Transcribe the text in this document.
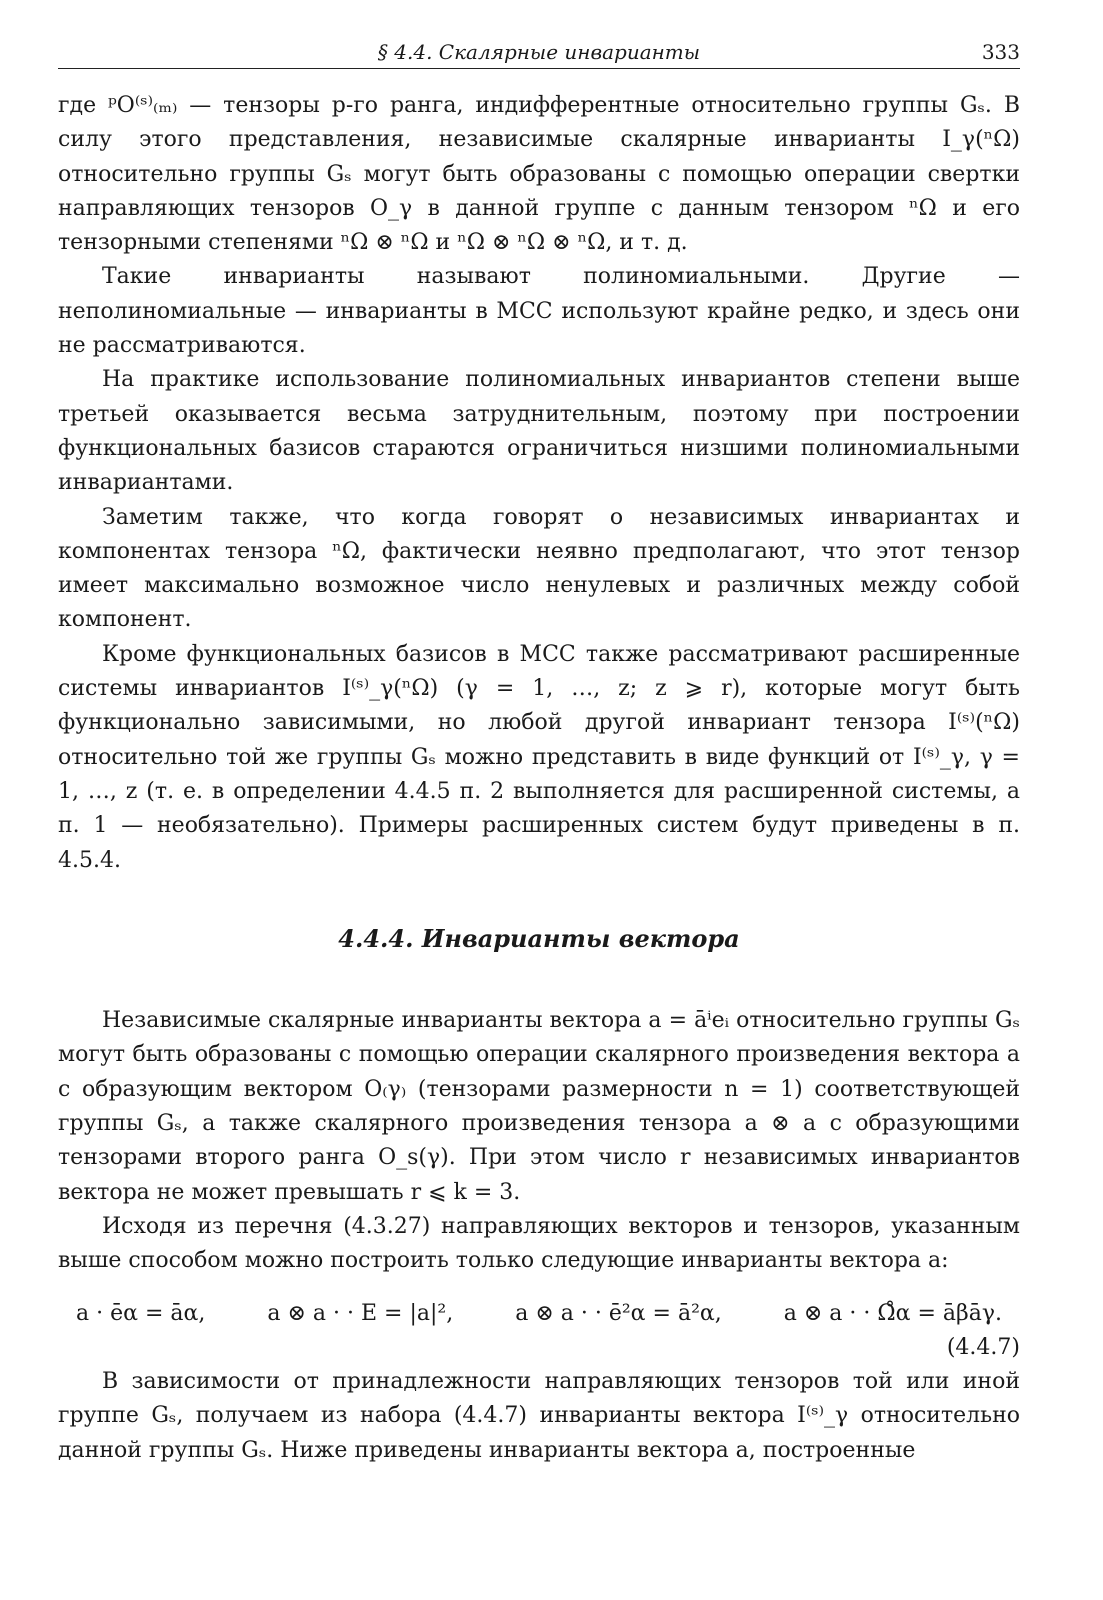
§ 4.4. Скалярные инварианты	333

где ᵖO⁽ˢ⁾₍ₘ₎ — тензоры p-го ранга, индифферентные относительно группы Gₛ. В силу этого представления, независимые скалярные инварианты I_γ(ⁿΩ) относительно группы Gₛ могут быть образованы с помощью операции свертки направляющих тензоров O_γ в данной группе с данным тензором ⁿΩ и его тензорными степенями ⁿΩ ⊗ ⁿΩ и ⁿΩ ⊗ ⁿΩ ⊗ ⁿΩ, и т. д.

Такие инварианты называют полиномиальными. Другие — неполиномиальные — инварианты в МСС используют крайне редко, и здесь они не рассматриваются.

На практике использование полиномиальных инвариантов степени выше третьей оказывается весьма затруднительным, поэтому при построении функциональных базисов стараются ограничиться низшими полиномиальными инвариантами.

Заметим также, что когда говорят о независимых инвариантах и компонентах тензора ⁿΩ, фактически неявно предполагают, что этот тензор имеет максимально возможное число ненулевых и различных между собой компонент.

Кроме функциональных базисов в МСС также рассматривают расширенные системы инвариантов I⁽ˢ⁾_γ(ⁿΩ) (γ = 1, …, z; z ⩾ r), которые могут быть функционально зависимыми, но любой другой инвариант тензора I⁽ˢ⁾(ⁿΩ) относительно той же группы Gₛ можно представить в виде функций от I⁽ˢ⁾_γ, γ = 1, …, z (т. е. в определении 4.4.5 п. 2 выполняется для расширенной системы, а п. 1 — необязательно). Примеры расширенных систем будут приведены в п. 4.5.4.

4.4.4. Инварианты вектора

Независимые скалярные инварианты вектора a = āⁱeᵢ относительно группы Gₛ могут быть образованы с помощью операции скалярного произведения вектора a с образующим вектором O₍γ₎ (тензорами размерности n = 1) соответствующей группы Gₛ, а также скалярного произведения тензора a ⊗ a с образующими тензорами второго ранга O_s(γ). При этом число r независимых инвариантов вектора не может превышать r ⩽ k = 3.

Исходя из перечня (4.3.27) направляющих векторов и тензоров, указанным выше способом можно построить только следующие инварианты вектора a:

a · ēα = āα,	a ⊗ a · · E = |a|²,	a ⊗ a · · ē²α = ā²α,	a ⊗ a · · Ω̊α = āβāγ.
(4.4.7)

В зависимости от принадлежности направляющих тензоров той или иной группе Gₛ, получаем из набора (4.4.7) инварианты вектора I⁽ˢ⁾_γ относительно данной группы Gₛ. Ниже приведены инварианты вектора a, построенные
